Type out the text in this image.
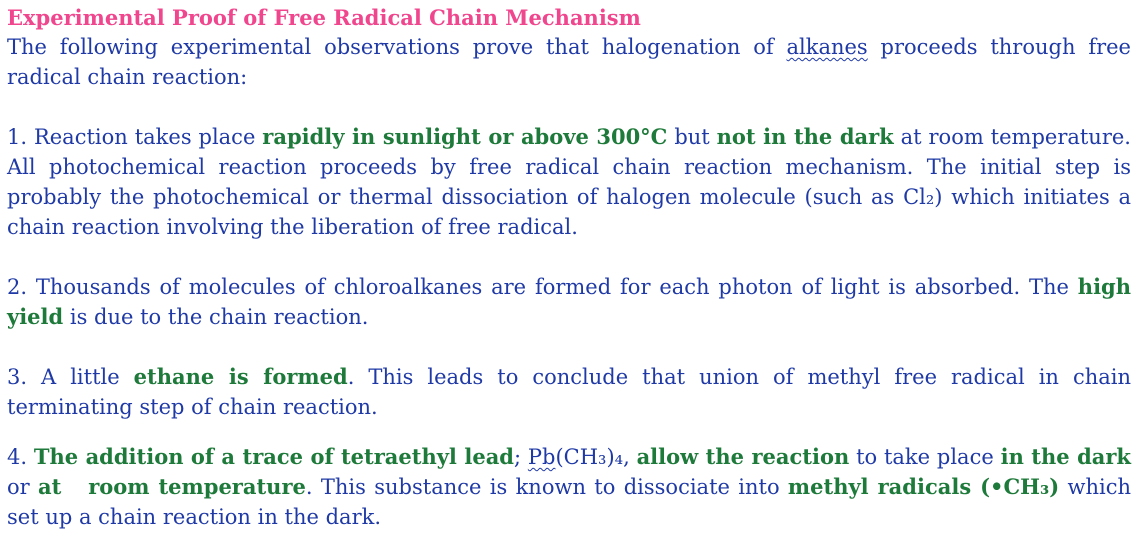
Experimental Proof of Free Radical Chain Mechanism

The following experimental observations prove that halogenation of alkanes proceeds through free radical chain reaction:

1. Reaction takes place rapidly in sunlight or above 300°C but not in the dark at room temperature. All photochemical reaction proceeds by free radical chain reaction mechanism. The initial step is probably the photochemical or thermal dissociation of halogen molecule (such as Cl₂) which initiates a chain reaction involving the liberation of free radical.

2. Thousands of molecules of chloroalkanes are formed for each photon of light is absorbed. The high yield is due to the chain reaction.

3. A little ethane is formed. This leads to conclude that union of methyl free radical in chain terminating step of chain reaction.

4. The addition of a trace of tetraethyl lead; Pb(CH₃)₄, allow the reaction to take place in the dark or at   room temperature. This substance is known to dissociate into methyl radicals (•CH₃) which set up a chain reaction in the dark.
